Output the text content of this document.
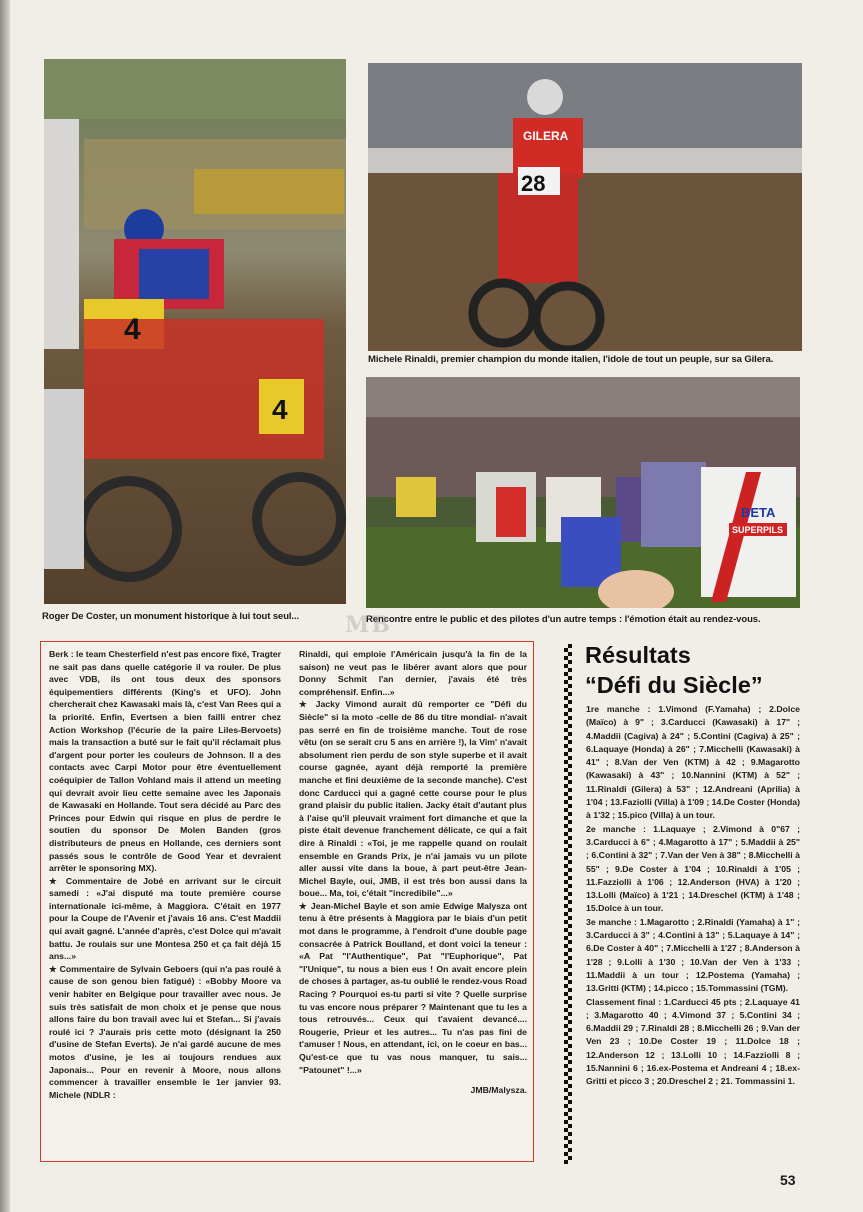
4
4
GILERA
28
BETA
SUPERPILS
Michele Rinaldi, premier champion du monde italien, l'idole de tout un peuple, sur sa Gilera.
Roger De Coster, un monument historique à lui tout seul...	Rencontre entre le public et des pilotes d'un autre temps : l'émotion était au rendez-vous.
MB

Berk : le team Chesterfield n'est pas encore fixé, Tragter ne sait pas dans quelle catégorie il va rouler. De plus avec VDB, ils ont tous deux des sponsors équipementiers différents (King's et UFO). John chercherait chez Kawasaki mais là, c'est Van Rees qui a la priorité. Enfin, Evertsen a bien failli entrer chez Action Workshop (l'écurie de la paire Liles-Bervoets) mais la transaction a buté sur le fait qu'il réclamait plus d'argent pour porter les couleurs de Johnson. Il a des contacts avec Carpi Motor pour être éventuellement coéquipier de Tallon Vohland mais il attend un meeting qui devrait avoir lieu cette semaine avec les Japonais de Kawasaki en Hollande. Tout sera décidé au Parc des Princes pour Edwin qui risque en plus de perdre le soutien du sponsor De Molen Banden (gros distributeurs de pneus en Hollande, ces derniers sont passés sous le contrôle de Good Year et devraient arrêter le sponsoring MX).

★ Commentaire de Jobé en arrivant sur le circuit samedi : «J'ai disputé ma toute première course internationale ici-même, à Maggiora. C'était en 1977 pour la Coupe de l'Avenir et j'avais 16 ans. C'est Maddii qui avait gagné. L'année d'après, c'est Dolce qui m'avait battu. Je roulais sur une Montesa 250 et ça fait déjà 15 ans...»

★ Commentaire de Sylvain Geboers (qui n'a pas roulé à cause de son genou bien fatigué) : «Bobby Moore va venir habiter en Belgique pour travailler avec nous. Je suis très satisfait de mon choix et je pense que nous allons faire du bon travail avec lui et Stefan... Si j'avais roulé ici ? J'aurais pris cette moto (désignant la 250 d'usine de Stefan Everts). Je n'ai gardé aucune de mes motos d'usine, je les ai toujours rendues aux Japonais... Pour en revenir à Moore, nous allons commencer à travailler ensemble le 1er janvier 93. Michele (NDLR :

Rinaldi, qui emploie l'Américain jusqu'à la fin de la saison) ne veut pas le libérer avant alors que pour Donny Schmit l'an dernier, j'avais été très compréhensif. Enfin...»

★ Jacky Vimond aurait dû remporter ce "Défi du Siècle" si la moto -celle de 86 du titre mondial- n'avait pas serré en fin de troisième manche. Tout de rose vêtu (on se serait cru 5 ans en arrière !), la Vim' n'avait absolument rien perdu de son style superbe et il avait course gagnée, ayant déjà remporté la première manche et fini deuxième de la seconde manche). C'est donc Carducci qui a gagné cette course pour le plus grand plaisir du public italien. Jacky était d'autant plus à l'aise qu'il pleuvait vraiment fort dimanche et que la piste était devenue franchement délicate, ce qui a fait dire à Rinaldi : «Toi, je me rappelle quand on roulait ensemble en Grands Prix, je n'ai jamais vu un pilote aller aussi vite dans la boue, à part peut-être Jean-Michel Bayle, oui, JMB, il est très bon aussi dans la boue... Ma, toi, c'était "incredibile"...»

★ Jean-Michel Bayle et son amie Edwige Malysza ont tenu à être présents à Maggiora par le biais d'un petit mot dans le programme, à l'endroit d'une double page consacrée à Patrick Boulland, et dont voici la teneur : «A Pat "l'Authentique", Pat "l'Euphorique", Pat "l'Unique", tu nous a bien eus ! On avait encore plein de choses à partager, as-tu oublié le rendez-vous Road Racing ? Pourquoi es-tu parti si vite ? Quelle surprise tu vas encore nous préparer ? Maintenant que tu les a tous retrouvés... Ceux qui t'avaient devancé.... Rougerie, Prieur et les autres... Tu n'as pas fini de t'amuser ! Nous, en attendant, ici, on le coeur en bas... Qu'est-ce que tu vas nous manquer, tu sais... "Patounet" !...»

JMB/Malysza.

Résultats
“Défi du Siècle”

1re manche : 1.Vimond (F.Yamaha) ; 2.Dolce (Maïco) à 9" ; 3.Carducci (Kawasaki) à 17" ; 4.Maddii (Cagiva) à 24" ; 5.Contini (Cagiva) à 25" ; 6.Laquaye (Honda) à 26" ; 7.Micchelli (Kawasaki) à 41" ; 8.Van der Ven (KTM) à 42 ; 9.Magarotto (Kawasaki) à 43" ; 10.Nannini (KTM) à 52" ; 11.Rinaldi (Gilera) à 53" ; 12.Andreani (Aprilia) à 1'04 ; 13.Faziolli (Villa) à 1'09 ; 14.De Coster (Honda) à 1'32 ; 15.pico (Villa) à un tour.

2e manche : 1.Laquaye ; 2.Vimond à 0"67 ; 3.Carducci à 6" ; 4.Magarotto à 17" ; 5.Maddii à 25" ; 6.Contini à 32" ; 7.Van der Ven à 38" ; 8.Micchelli à 55" ; 9.De Coster à 1'04 ; 10.Rinaldi à 1'05 ; 11.Fazziolli à 1'06 ; 12.Anderson (HVA) à 1'20 ; 13.Lolli (Maïco) à 1'21 ; 14.Dreschel (KTM) à 1'48 ; 15.Dolce à un tour.

3e manche : 1.Magarotto ; 2.Rinaldi (Yamaha) à 1" ; 3.Carducci à 3" ; 4.Contini à 13" ; 5.Laquaye à 14" ; 6.De Coster à 40" ; 7.Micchelli à 1'27 ; 8.Anderson à 1'28 ; 9.Lolli à 1'30 ; 10.Van der Ven à 1'33 ; 11.Maddii à un tour ; 12.Postema (Yamaha) ; 13.Gritti (KTM) ; 14.picco ; 15.Tommassini (TGM).

Classement final : 1.Carducci 45 pts ; 2.Laquaye 41 ; 3.Magarotto 40 ; 4.Vimond 37 ; 5.Contini 34 ; 6.Maddii 29 ; 7.Rinaldi 28 ; 8.Micchelli 26 ; 9.Van der Ven 23 ; 10.De Coster 19 ; 11.Dolce 18 ; 12.Anderson 12 ; 13.Lolli 10 ; 14.Fazziolli 8 ; 15.Nannini 6 ; 16.ex-Postema et Andreani 4 ; 18.ex-Gritti et picco 3 ; 20.Dreschel 2 ; 21. Tommassini 1.

53
